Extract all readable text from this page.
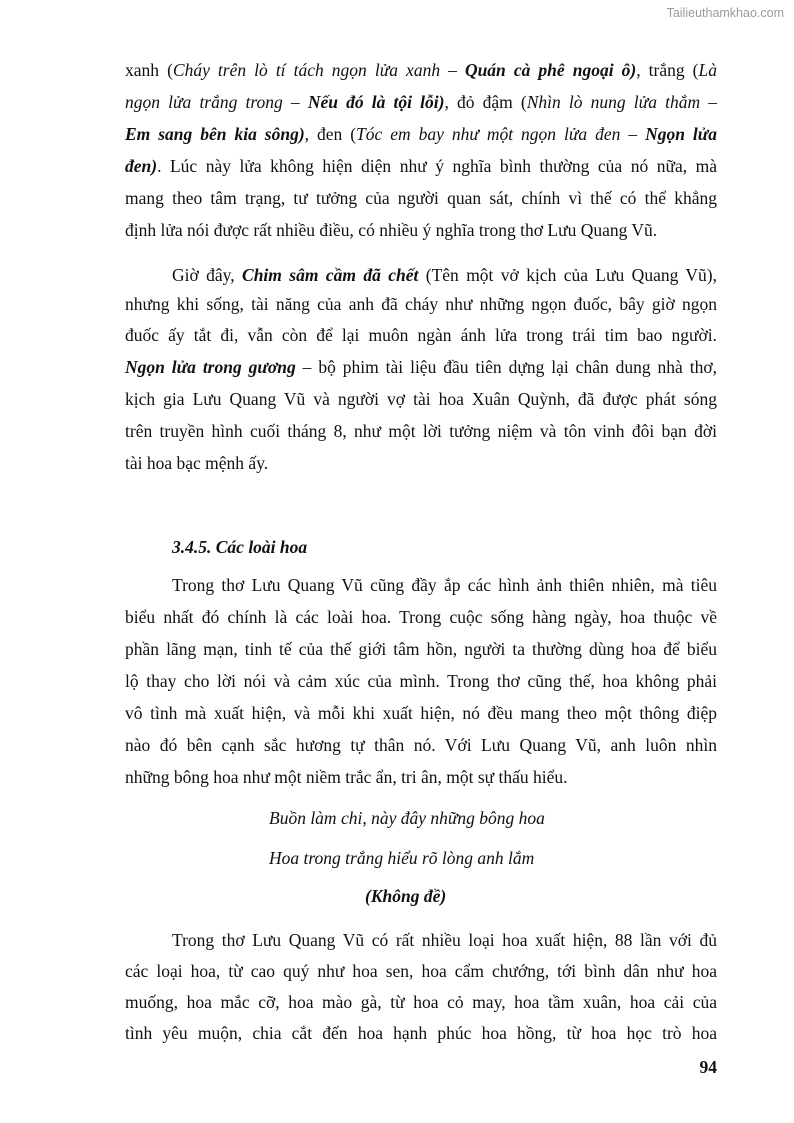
Tailieuthamkhao.com
xanh (Cháy trên lò tí tách ngọn lửa xanh – Quán cà phê ngoại ô), trắng (Là
ngọn lửa trắng trong – Nếu đó là tội lỗi), đỏ đậm (Nhìn lò nung lửa thắm –
Em sang bên kia sông), đen (Tóc em bay như một ngọn lửa đen – Ngọn lửa
đen). Lúc này lửa không hiện diện như ý nghĩa bình thường của nó nữa, mà
mang theo tâm trạng, tư tưởng của người quan sát, chính vì thế có thể khẳng
định lửa nói được rất nhiều điều, có nhiều ý nghĩa trong thơ Lưu Quang Vũ.
Giờ đây, Chim sâm cầm đã chết (Tên một vở kịch của Lưu Quang Vũ),
nhưng khi sống, tài năng của anh đã cháy như những ngọn đuốc, bây giờ ngọn
đuốc ấy tắt đi, vẫn còn để lại muôn ngàn ánh lửa trong trái tim bao người.
Ngọn lửa trong gương – bộ phim tài liệu đầu tiên dựng lại chân dung nhà thơ,
kịch gia Lưu Quang Vũ và người vợ tài hoa Xuân Quỳnh, đã được phát sóng
trên truyền hình cuối tháng 8, như một lời tưởng niệm và tôn vinh đôi bạn đời
tài hoa bạc mệnh ấy.
3.4.5. Các loài hoa
Trong thơ Lưu Quang Vũ cũng đầy ắp các hình ảnh thiên nhiên, mà tiêu
biểu nhất đó chính là các loài hoa. Trong cuộc sống hàng ngày, hoa thuộc về
phần lãng mạn, tinh tế của thế giới tâm hồn, người ta thường dùng hoa để biểu
lộ thay cho lời nói và cảm xúc của mình. Trong thơ cũng thế, hoa không phải
vô tình mà xuất hiện, và mỗi khi xuất hiện, nó đều mang theo một thông điệp
nào đó bên cạnh sắc hương tự thân nó. Với Lưu Quang Vũ, anh luôn nhìn
những bông hoa như một niềm trắc ẩn, tri ân, một sự thấu hiểu.
Buồn làm chi, này đây những bông hoa
Hoa trong trắng hiểu rõ lòng anh lắm
(Không đề)
Trong thơ Lưu Quang Vũ có rất nhiều loại hoa xuất hiện, 88 lần với đủ
các loại hoa, từ cao quý như hoa sen, hoa cẩm chướng, tới bình dân như hoa
muống, hoa mắc cỡ, hoa mào gà, từ hoa cỏ may, hoa tầm xuân, hoa cải của
tình yêu muộn, chia cắt đến hoa hạnh phúc hoa hồng, từ hoa học trò hoa
94
